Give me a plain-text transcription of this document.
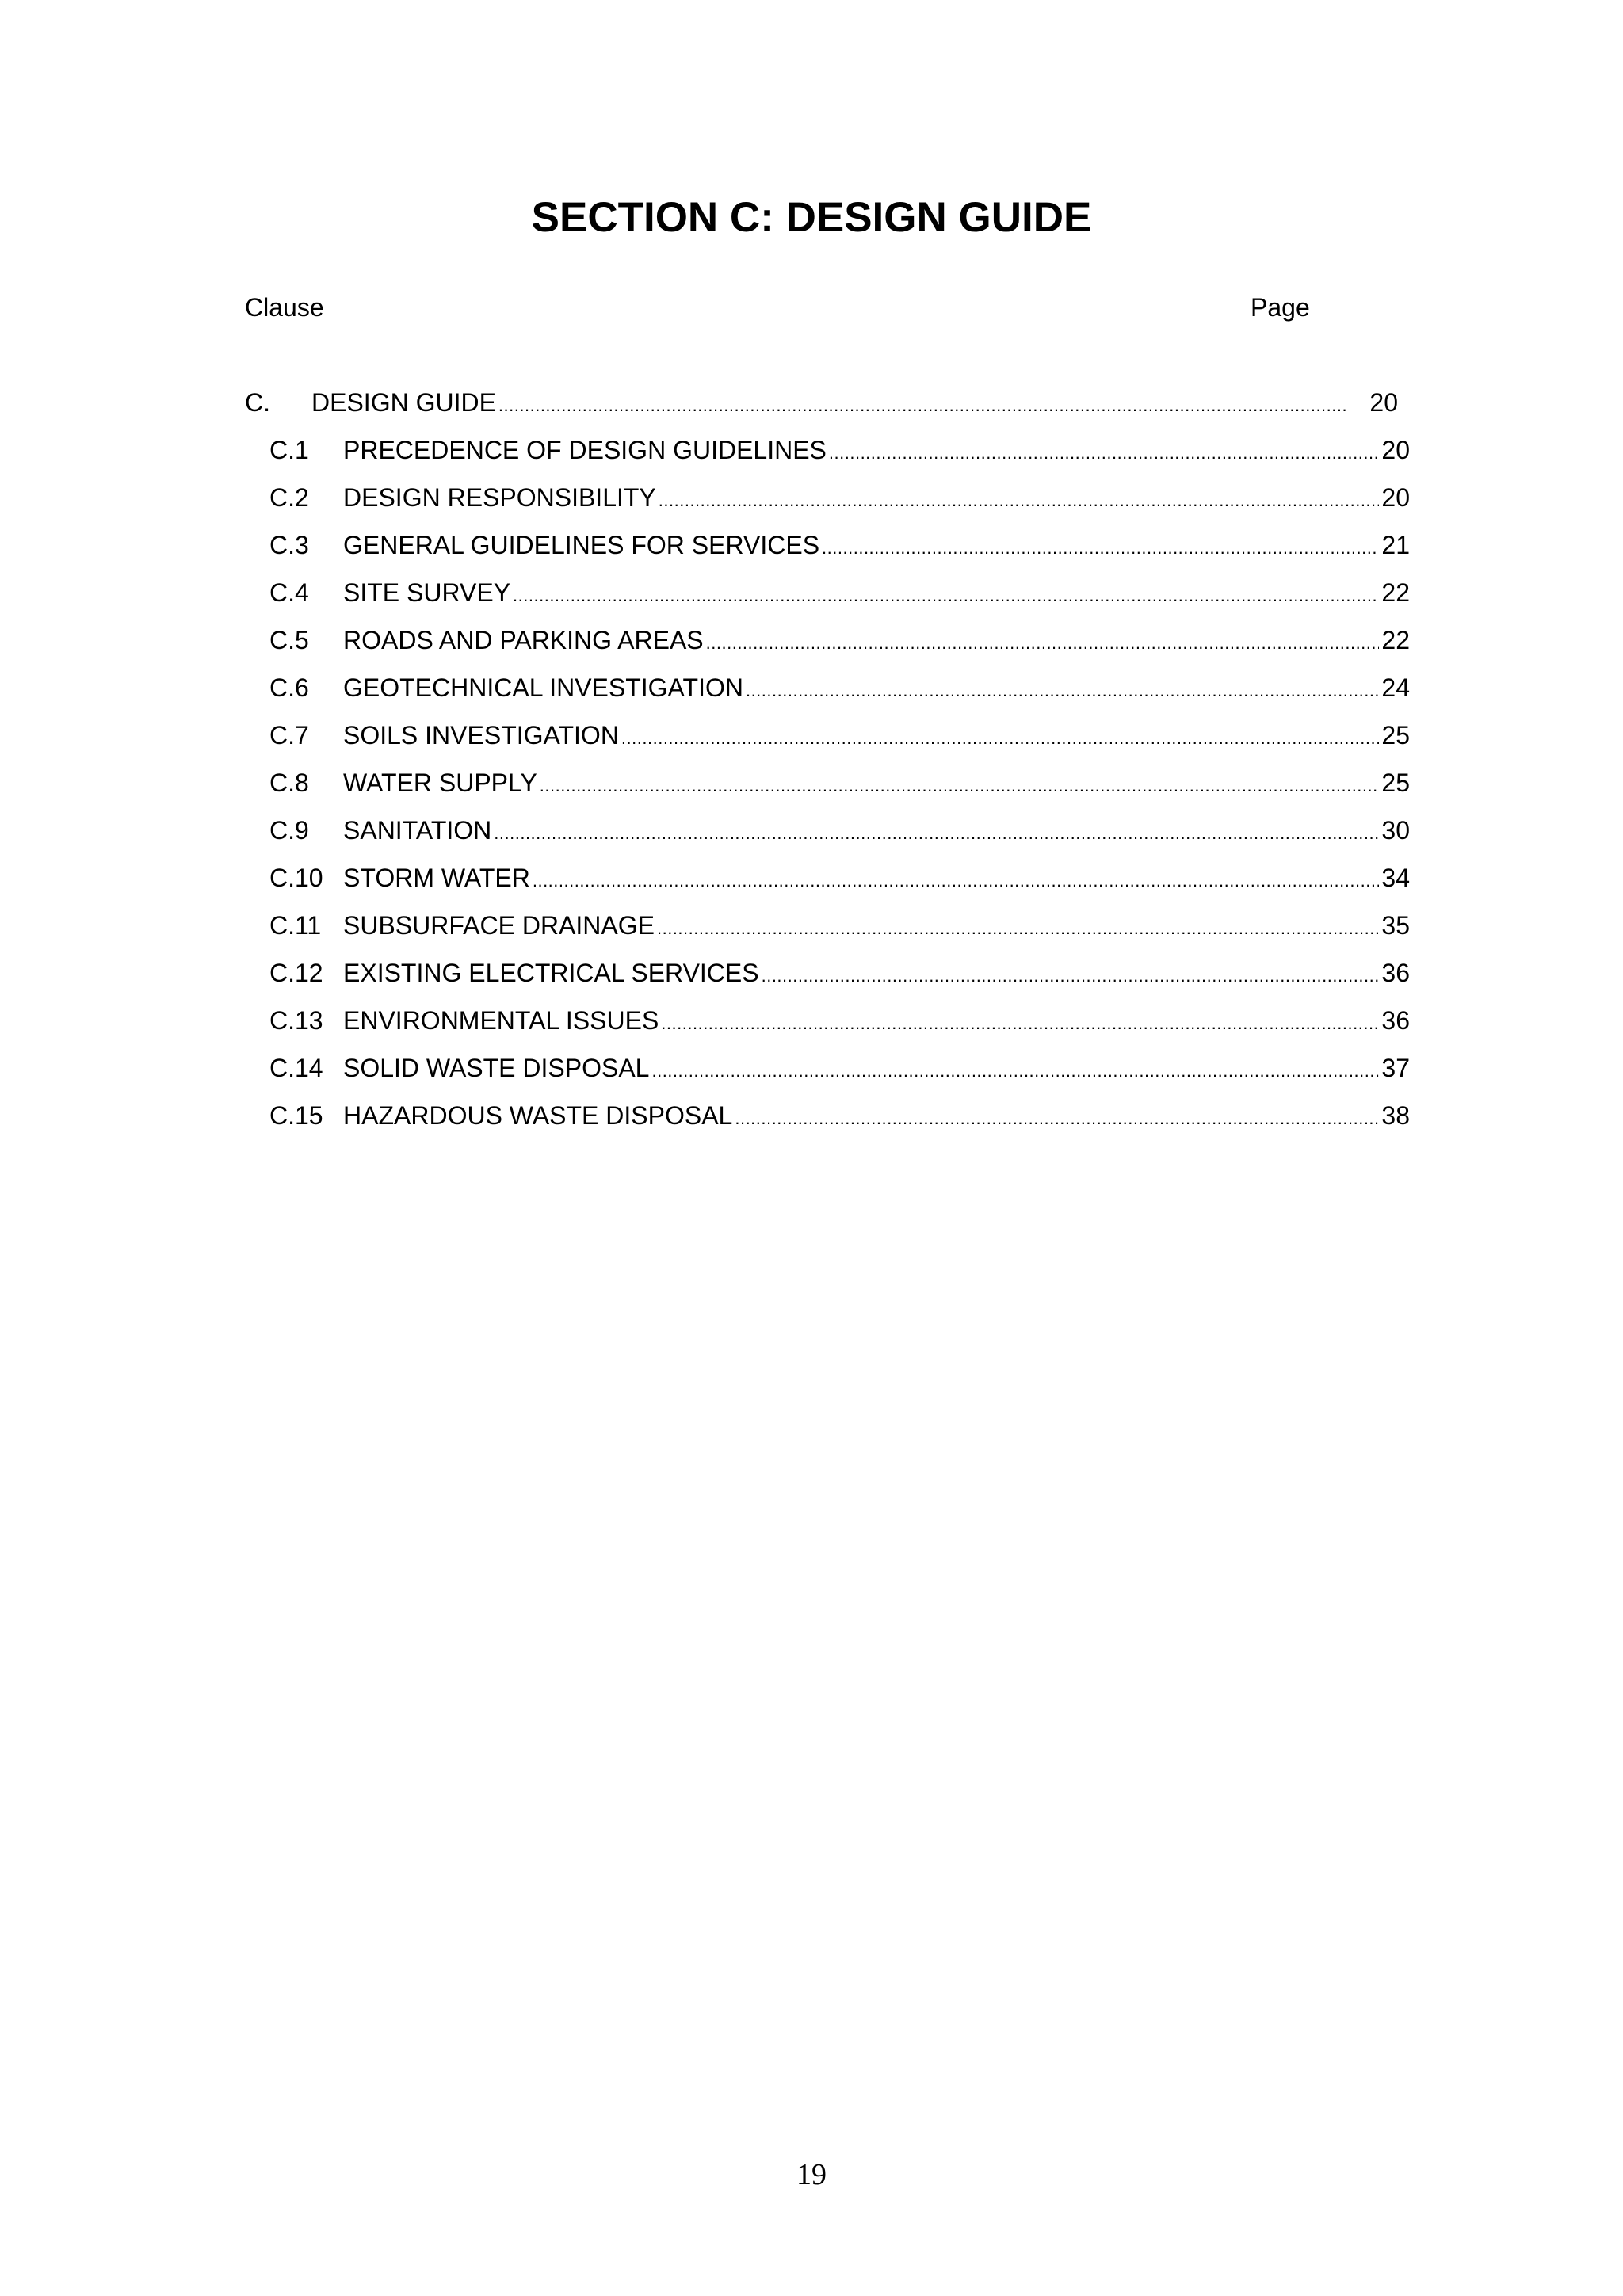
SECTION C: DESIGN GUIDE
Clause	Page
C.	DESIGN GUIDE .....	20
C.1	PRECEDENCE OF DESIGN GUIDELINES .....	20
C.2	DESIGN RESPONSIBILITY .....	20
C.3	GENERAL GUIDELINES FOR SERVICES .....	21
C.4	SITE SURVEY .....	22
C.5	ROADS AND PARKING AREAS .....	22
C.6	GEOTECHNICAL INVESTIGATION .....	24
C.7	SOILS INVESTIGATION .....	25
C.8	WATER SUPPLY .....	25
C.9	SANITATION .....	30
C.10 STORM WATER .....	34
C.11 SUBSURFACE DRAINAGE .....	35
C.12 EXISTING ELECTRICAL SERVICES .....	36
C.13 ENVIRONMENTAL ISSUES .....	36
C.14 SOLID WASTE DISPOSAL .....	37
C.15 HAZARDOUS WASTE DISPOSAL .....	38
19
